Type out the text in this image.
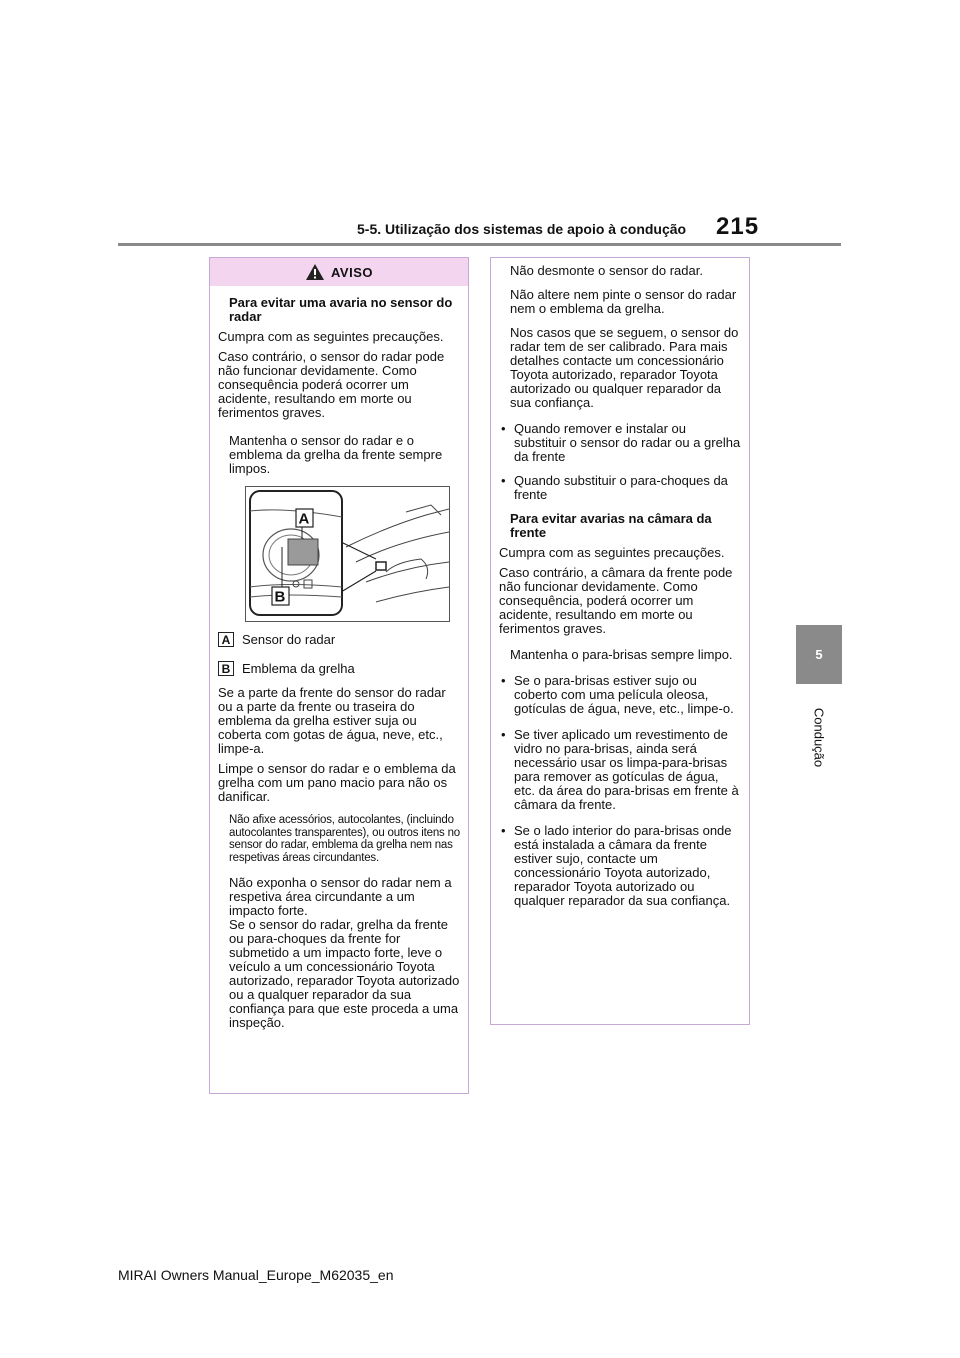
5-5. Utilização dos sistemas de apoio à condução 215
5
Condução
AVISO

Para evitar uma avaria no sensor do radar

Cumpra com as seguintes precauções.

Caso contrário, o sensor do radar pode não funcionar devidamente. Como consequência poderá ocorrer um acidente, resultando em morte ou ferimentos graves.

Mantenha o sensor do radar e o emblema da grelha da frente sempre limpos.

A
B
A Sensor do radar
B Emblema da grelha

Se a parte da frente do sensor do radar ou a parte da frente ou traseira do emblema da grelha estiver suja ou coberta com gotas de água, neve, etc., limpe-a.

Limpe o sensor do radar e o emblema da grelha com um pano macio para não os danificar.

Não afixe acessórios, autocolantes, (incluindo autocolantes transparentes), ou outros itens no sensor do radar, emblema da grelha nem nas respetivas áreas circundantes.

Não exponha o sensor do radar nem a respetiva área circundante a um impacto forte.

Se o sensor do radar, grelha da frente ou para-choques da frente for submetido a um impacto forte, leve o veículo a um concessionário Toyota autorizado, reparador Toyota autorizado ou a qualquer reparador da sua confiança para que este proceda a uma inspeção.

Não desmonte o sensor do radar.

Não altere nem pinte o sensor do radar nem o emblema da grelha.

Nos casos que se seguem, o sensor do radar tem de ser calibrado. Para mais detalhes contacte um concessionário Toyota autorizado, reparador Toyota autorizado ou qualquer reparador da sua confiança.

• Quando remover e instalar ou substituir o sensor do radar ou a grelha da frente
• Quando substituir o para-choques da frente

Para evitar avarias na câmara da frente

Cumpra com as seguintes precauções.

Caso contrário, a câmara da frente pode não funcionar devidamente. Como consequência, poderá ocorrer um acidente, resultando em morte ou ferimentos graves.

Mantenha o para-brisas sempre limpo.

• Se o para-brisas estiver sujo ou coberto com uma película oleosa, gotículas de água, neve, etc., limpe-o.
• Se tiver aplicado um revestimento de vidro no para-brisas, ainda será necessário usar os limpa-para-brisas para remover as gotículas de água, etc. da área do para-brisas em frente à câmara da frente.
• Se o lado interior do para-brisas onde está instalada a câmara da frente estiver sujo, contacte um concessionário Toyota autorizado, reparador Toyota autorizado ou qualquer reparador da sua confiança.
MIRAI Owners Manual_Europe_M62035_en
